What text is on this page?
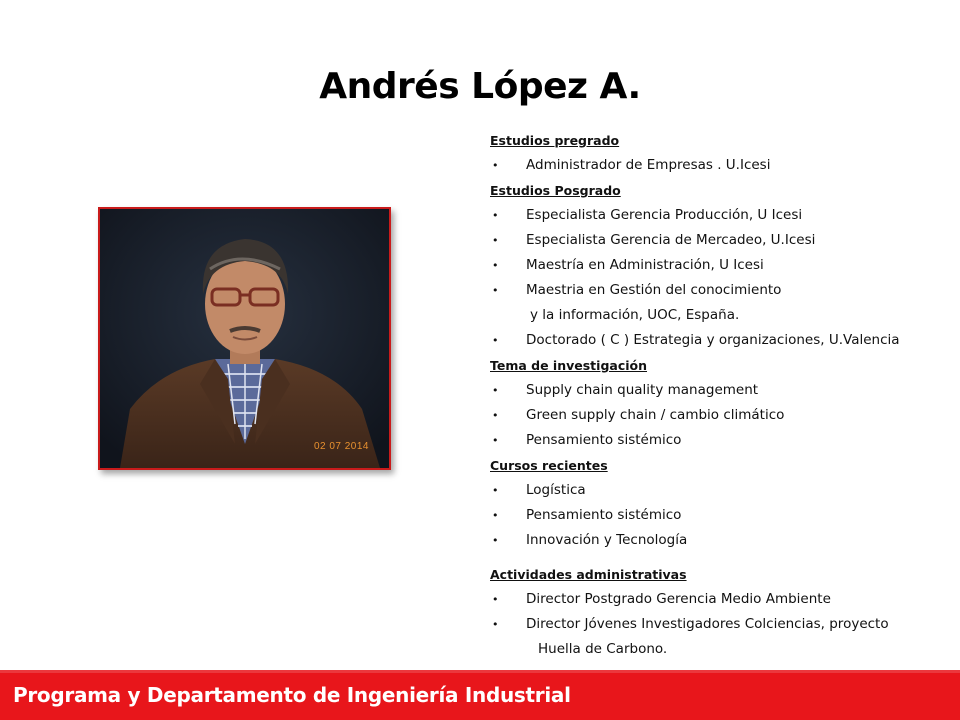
Andrés López A.
02 07 2014
Estudios pregrado
• Administrador de Empresas . U.Icesi
Estudios Posgrado
• Especialista Gerencia Producción, U Icesi
• Especialista Gerencia de Mercadeo, U.Icesi
• Maestría en Administración, U Icesi
• Maestria en Gestión del conocimiento
y la información, UOC, España.
• Doctorado ( C ) Estrategia y organizaciones, U.Valencia
Tema de investigación
• Supply chain quality management
• Green supply chain / cambio climático
• Pensamiento sistémico
Cursos recientes
• Logística
• Pensamiento sistémico
• Innovación y Tecnología
Actividades administrativas
• Director Postgrado Gerencia Medio Ambiente
• Director Jóvenes Investigadores Colciencias, proyecto
Huella de Carbono.
Programa y Departamento de Ingeniería Industrial
